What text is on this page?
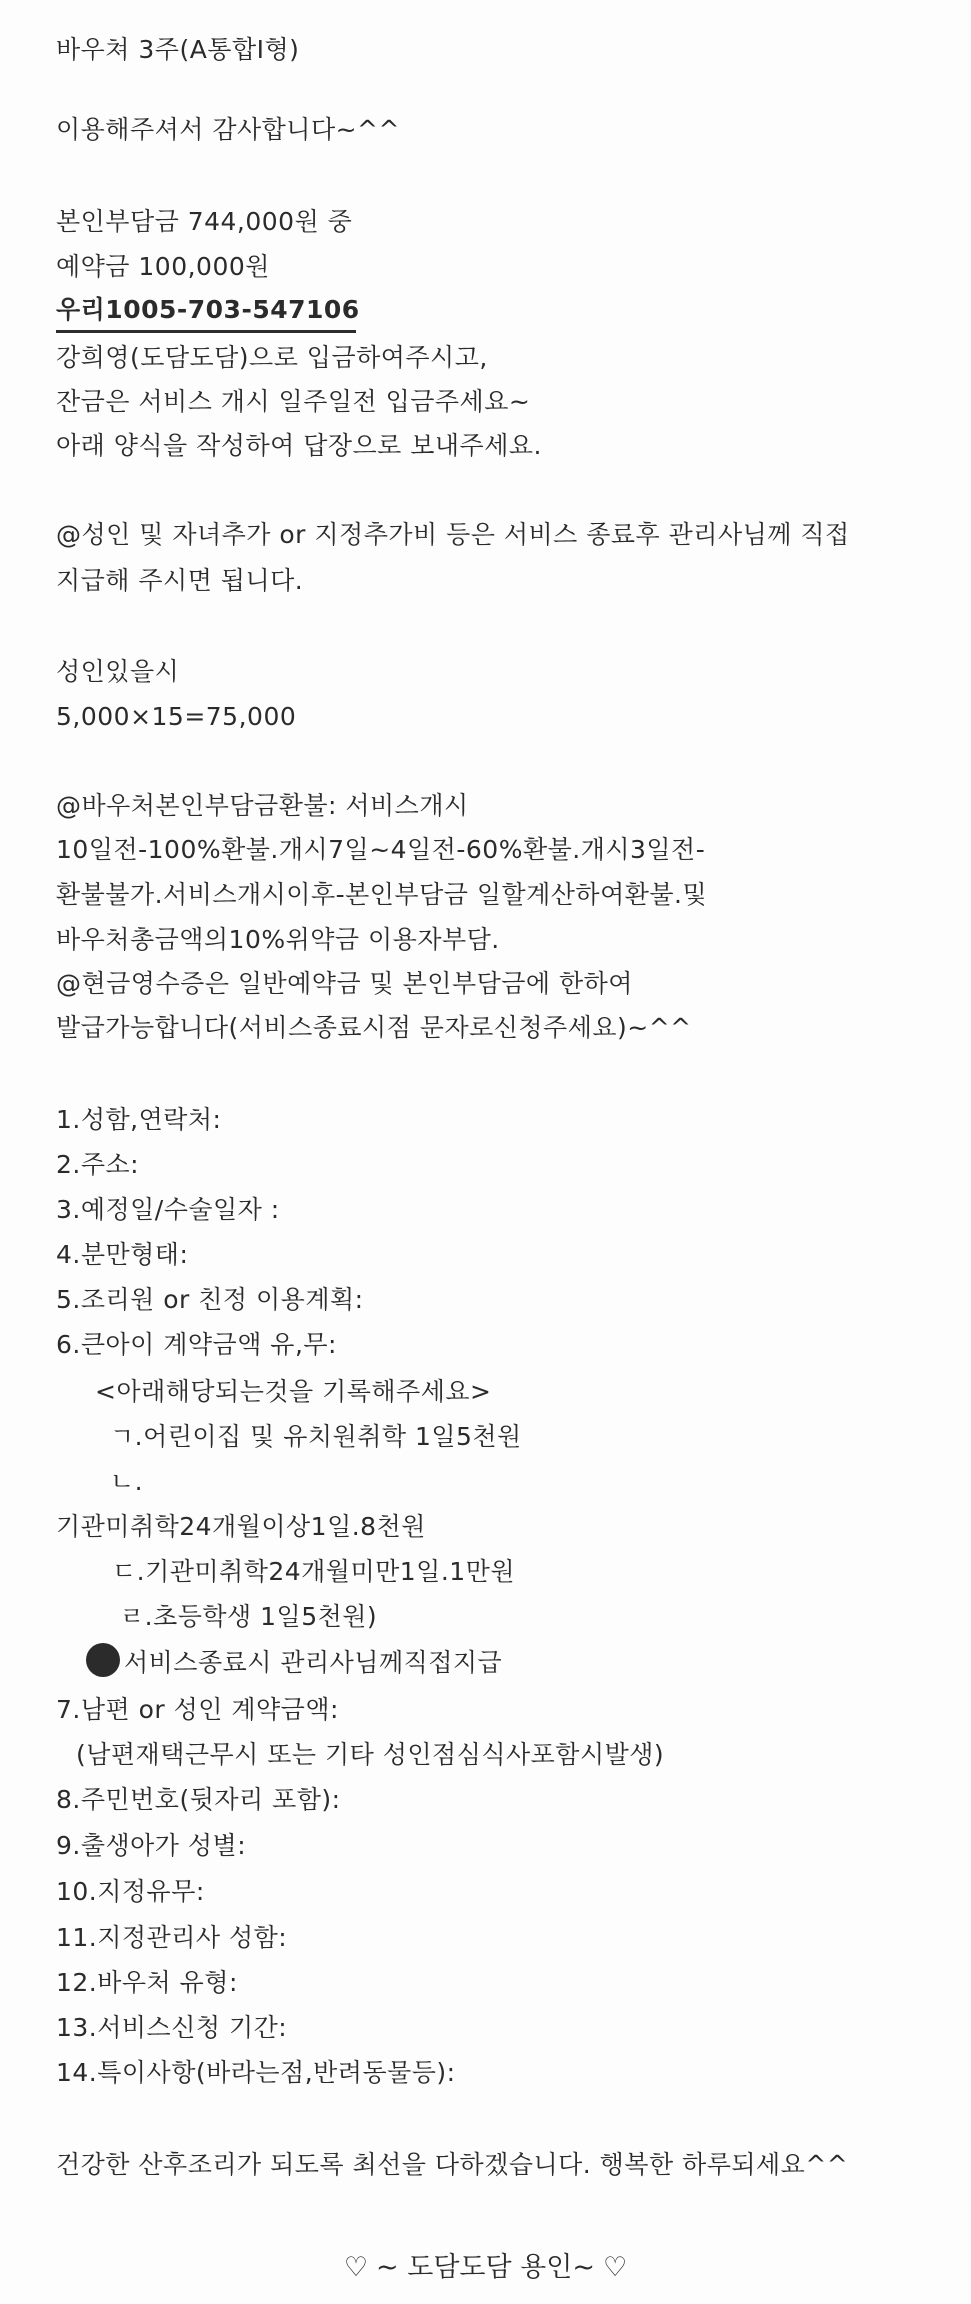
바우쳐 3주(A통합I형)
이용해주셔서 감사합니다~^^
본인부담금 744,000원 중
예약금 100,000원
우리1005-703-547106
강희영(도담도담)으로 입금하여주시고,
잔금은 서비스 개시 일주일전 입금주세요~
아래 양식을 작성하여 답장으로 보내주세요.
@성인 및 자녀추가 or 지정추가비 등은 서비스 종료후 관리사님께 직접
지급해 주시면 됩니다.
성인있을시
5,000×15=75,000
@바우처본인부담금환불: 서비스개시
10일전-100%환불.개시7일~4일전-60%환불.개시3일전-
환불불가.서비스개시이후-본인부담금 일할계산하여환불.및
바우처총금액의10%위약금 이용자부담.
@현금영수증은 일반예약금 및 본인부담금에 한하여
발급가능합니다(서비스종료시점 문자로신청주세요)~^^
1.성함,연락처:
2.주소:
3.예정일/수술일자 :
4.분만형태:
5.조리원 or 친정 이용계획:
6.큰아이 계약금액 유,무:
<아래해당되는것을 기록해주세요>
ㄱ.어린이집 및 유치원취학 1일5천원
ㄴ.
기관미취학24개월이상1일.8천원
ㄷ.기관미취학24개월미만1일.1만원
ㄹ.초등학생 1일5천원)
서비스종료시 관리사님께직접지급
7.남편 or 성인 계약금액:
(남편재택근무시 또는 기타 성인점심식사포함시발생)
8.주민번호(뒷자리 포함):
9.출생아가 성별:
10.지정유무:
11.지정관리사 성함:
12.바우처 유형:
13.서비스신청 기간:
14.특이사항(바라는점,반려동물등):
건강한 산후조리가 되도록 최선을 다하겠습니다. 행복한 하루되세요^^
♡ ~ 도담도담 용인~ ♡
